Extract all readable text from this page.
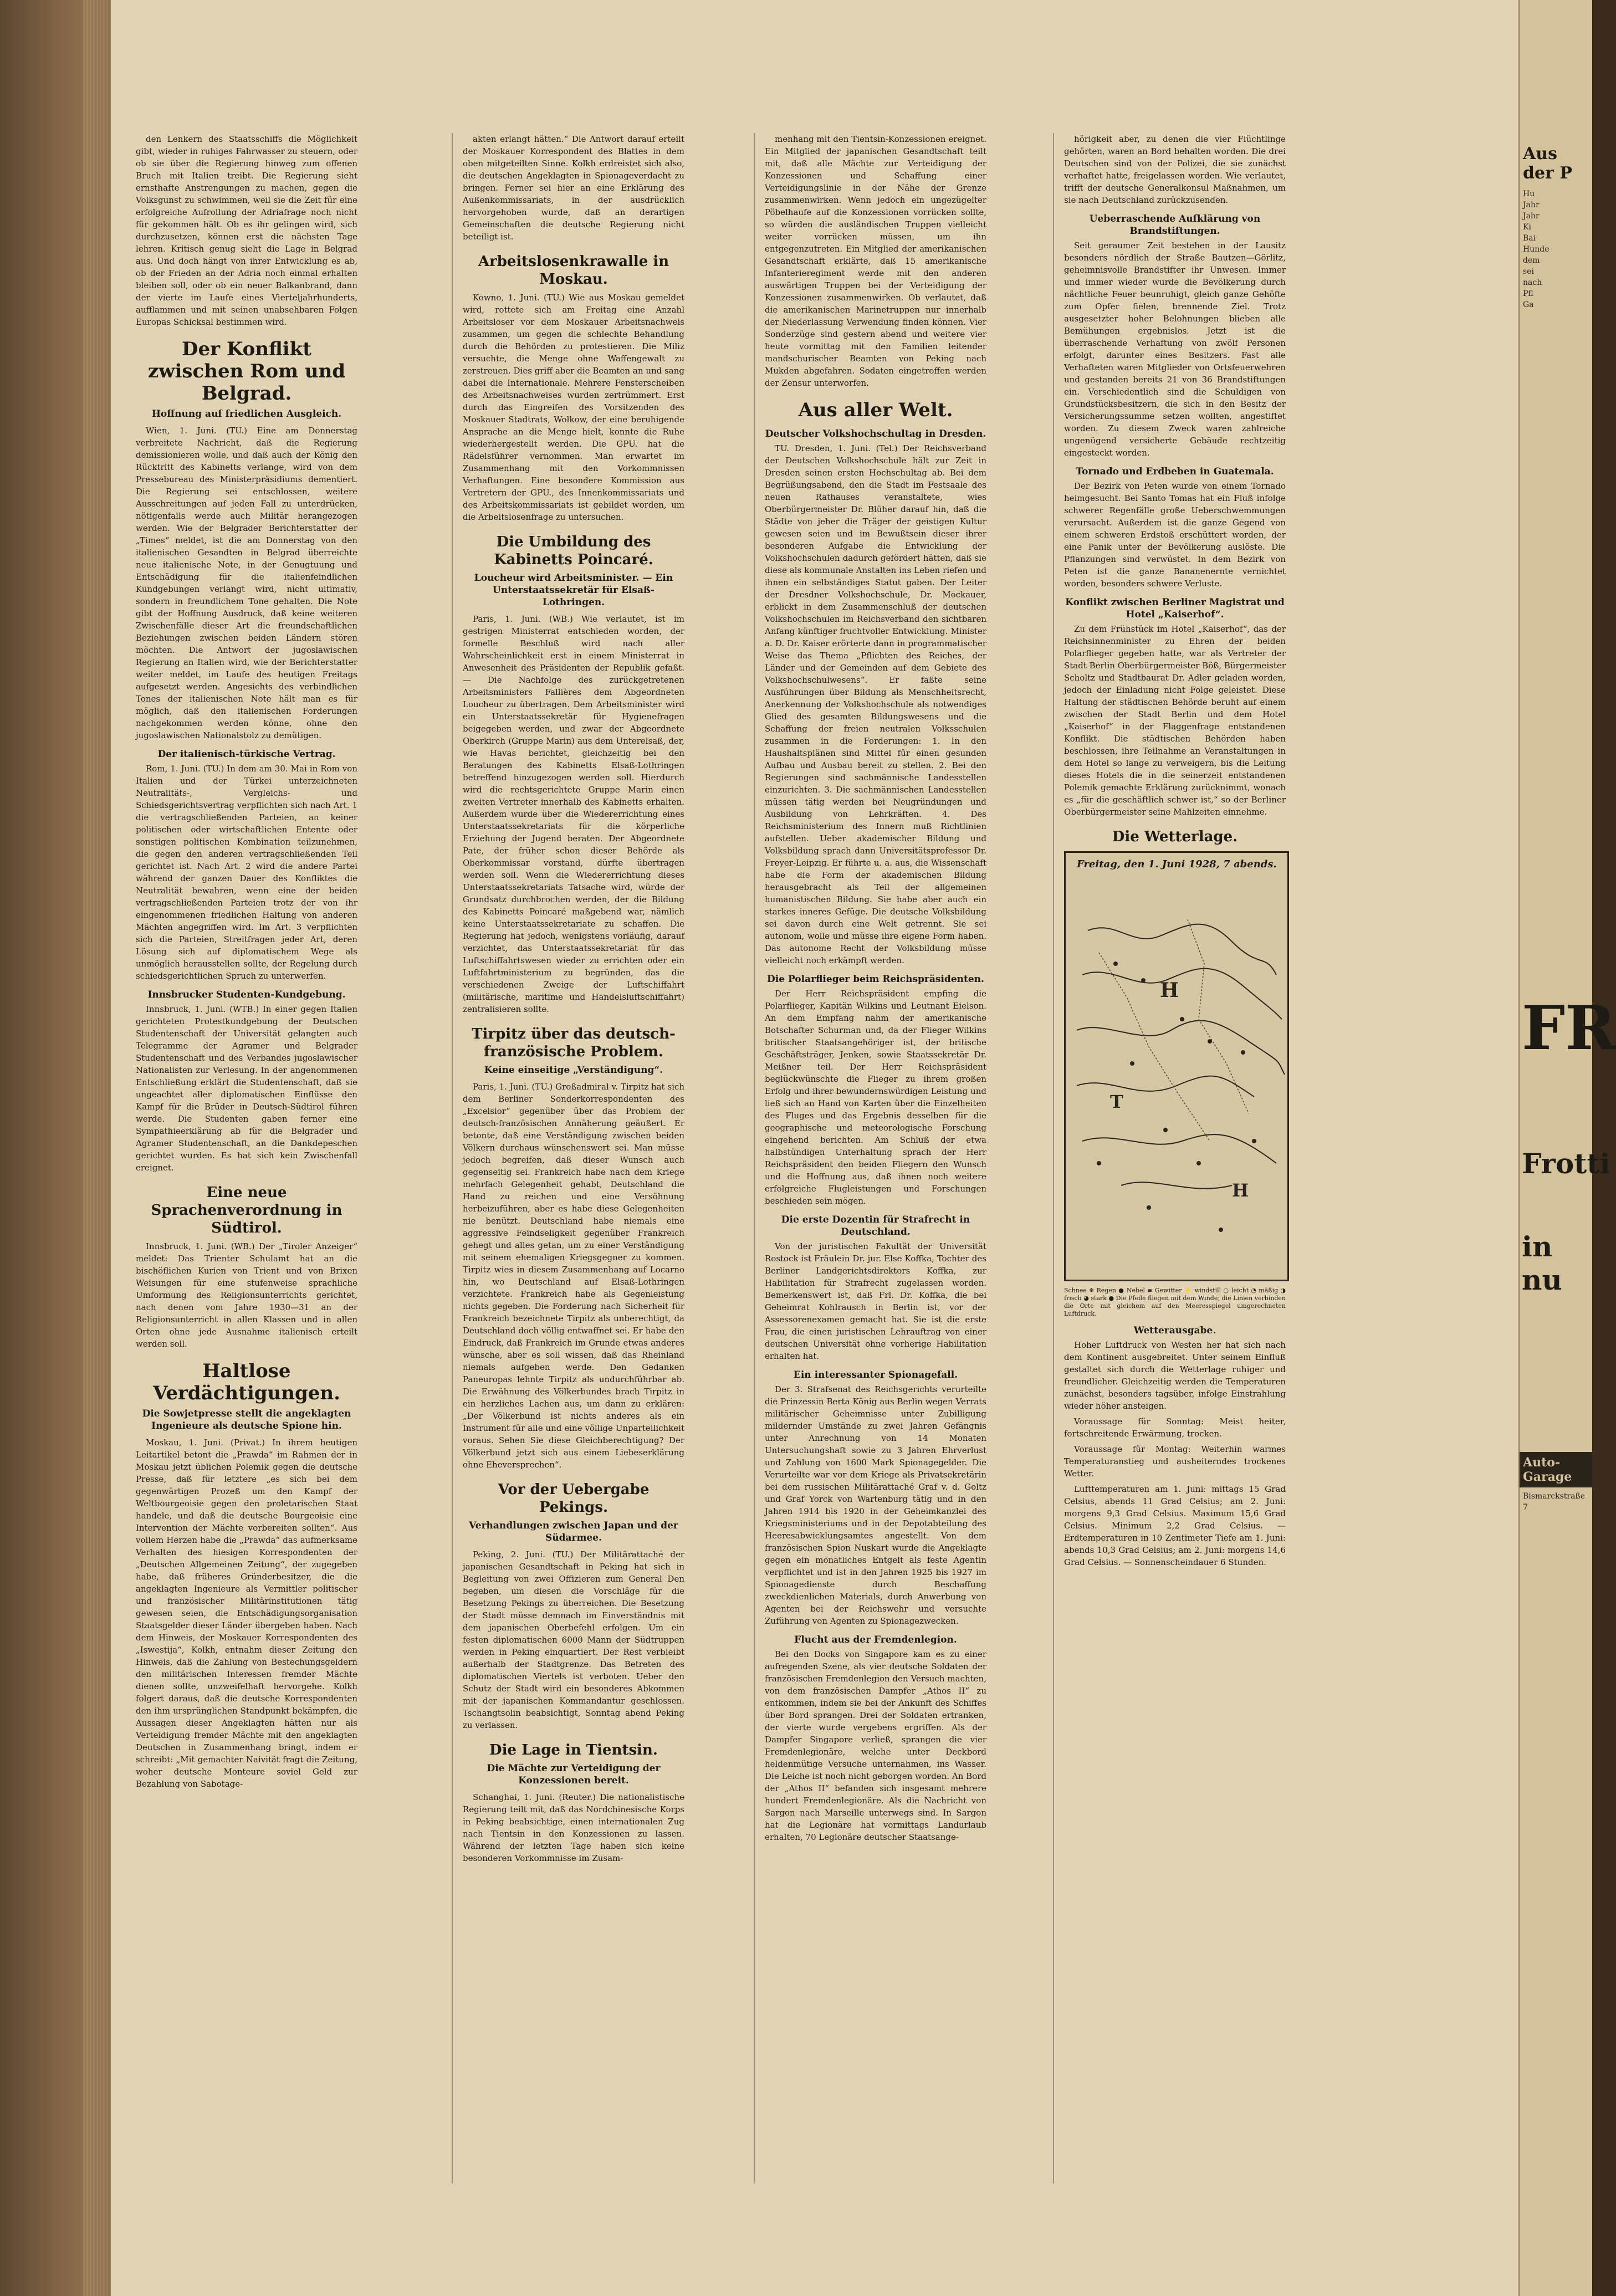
den Lenkern des Staatsschiffs die Möglichkeit gibt, wieder in ruhiges Fahrwasser zu steuern, oder ob sie über die Regierung hinweg zum offenen Bruch mit Italien treibt. Die Regierung sieht ernsthafte Anstrengungen zu machen, gegen die Volksgunst zu schwimmen, weil sie die Zeit für eine erfolgreiche Aufrollung der Adriafrage noch nicht für gekommen hält. Ob es ihr gelingen wird, sich durchzusetzen, können erst die nächsten Tage lehren. Kritisch genug sieht die Lage in Belgrad aus. Und doch hängt von ihrer Entwicklung es ab, ob der Frieden an der Adria noch einmal erhalten bleiben soll, oder ob ein neuer Balkanbrand, dann der vierte im Laufe eines Vierteljahrhunderts, aufflammen und mit seinen unabsehbaren Folgen Europas Schicksal bestimmen wird.

Der Konflikt zwischen Rom und Belgrad.
Hoffnung auf friedlichen Ausgleich.

Wien, 1. Juni. (TU.) Eine am Donnerstag verbreitete Nachricht, daß die Regierung demissionieren wolle, und daß auch der König den Rücktritt des Kabinetts verlange, wird von dem Pressebureau des Ministerpräsidiums dementiert. Die Regierung sei entschlossen, weitere Ausschreitungen auf jeden Fall zu unterdrücken, nötigenfalls werde auch Militär herangezogen werden. Wie der Belgrader Berichterstatter der „Times“ meldet, ist die am Donnerstag von den italienischen Gesandten in Belgrad überreichte neue italienische Note, in der Genugtuung und Entschädigung für die italienfeindlichen Kundgebungen verlangt wird, nicht ultimativ, sondern in freundlichem Tone gehalten. Die Note gibt der Hoffnung Ausdruck, daß keine weiteren Zwischenfälle dieser Art die freundschaftlichen Beziehungen zwischen beiden Ländern stören möchten. Die Antwort der jugoslawischen Regierung an Italien wird, wie der Berichterstatter weiter meldet, im Laufe des heutigen Freitags aufgesetzt werden. Angesichts des verbindlichen Tones der italienischen Note hält man es für möglich, daß den italienischen Forderungen nachgekommen werden könne, ohne den jugoslawischen Nationalstolz zu demütigen.

Der italienisch-türkische Vertrag.

Rom, 1. Juni. (TU.) In dem am 30. Mai in Rom von Italien und der Türkei unterzeichneten Neutralitäts-, Vergleichs- und Schiedsgerichtsvertrag verpflichten sich nach Art. 1 die vertragschließenden Parteien, an keiner politischen oder wirtschaftlichen Entente oder sonstigen politischen Kombination teilzunehmen, die gegen den anderen vertragschließenden Teil gerichtet ist. Nach Art. 2 wird die andere Partei während der ganzen Dauer des Konfliktes die Neutralität bewahren, wenn eine der beiden vertragschließenden Parteien trotz der von ihr eingenommenen friedlichen Haltung von anderen Mächten angegriffen wird. Im Art. 3 verpflichten sich die Parteien, Streitfragen jeder Art, deren Lösung sich auf diplomatischem Wege als unmöglich herausstellen sollte, der Regelung durch schiedsgerichtlichen Spruch zu unterwerfen.

Innsbrucker Studenten-Kundgebung.

Innsbruck, 1. Juni. (WTB.) In einer gegen Italien gerichteten Protestkundgebung der Deutschen Studentenschaft der Universität gelangten auch Telegramme der Agramer und Belgrader Studentenschaft und des Verbandes jugoslawischer Nationalisten zur Verlesung. In der angenommenen Entschließung erklärt die Studentenschaft, daß sie ungeachtet aller diplomatischen Einflüsse den Kampf für die Brüder in Deutsch-Südtirol führen werde. Die Studenten gaben ferner eine Sympathieerklärung ab für die Belgrader und Agramer Studentenschaft, an die Dankdepeschen gerichtet wurden. Es hat sich kein Zwischenfall ereignet.

Eine neue Sprachenverordnung in Südtirol.

Innsbruck, 1. Juni. (WB.) Der „Tiroler Anzeiger“ meldet: Das Trienter Schulamt hat an die bischöflichen Kurien von Trient und von Brixen Weisungen für eine stufenweise sprachliche Umformung des Religionsunterrichts gerichtet, nach denen vom Jahre 1930—31 an der Religionsunterricht in allen Klassen und in allen Orten ohne jede Ausnahme italienisch erteilt werden soll.

Haltlose Verdächtigungen.
Die Sowjetpresse stellt die angeklagten Ingenieure als deutsche Spione hin.

Moskau, 1. Juni. (Privat.) In ihrem heutigen Leitartikel betont die „Prawda“ im Rahmen der in Moskau jetzt üblichen Polemik gegen die deutsche Presse, daß für letztere „es sich bei dem gegenwärtigen Prozeß um den Kampf der Weltbourgeoisie gegen den proletarischen Staat handele, und daß die deutsche Bourgeoisie eine Intervention der Mächte vorbereiten sollten“. Aus vollem Herzen habe die „Prawda“ das aufmerksame Verhalten des hiesigen Korrespondenten der „Deutschen Allgemeinen Zeitung“, der zugegeben habe, daß früheres Gründerbesitzer, die die angeklagten Ingenieure als Vermittler politischer und französischer Militärinstitutionen tätig gewesen seien, die Entschädigungsorganisation Staatsgelder dieser Länder übergeben haben. Nach dem Hinweis, der Moskauer Korrespondenten des „Iswestija“, Kolkh, entnahm dieser Zeitung den Hinweis, daß die Zahlung von Bestechungsgeldern den militärischen Interessen fremder Mächte dienen sollte, unzweifelhaft hervorgehe. Kolkh folgert daraus, daß die deutsche Korrespondenten den ihm ursprünglichen Standpunkt bekämpfen, die Aussagen dieser Angeklagten hätten nur als Verteidigung fremder Mächte mit den angeklagten Deutschen in Zusammenhang bringt, indem er schreibt: „Mit gemachter Naivität fragt die Zeitung, woher deutsche Monteure soviel Geld zur Bezahlung von Sabotage-

akten erlangt hätten.“ Die Antwort darauf erteilt der Moskauer Korrespondent des Blattes in dem oben mitgeteilten Sinne. Kolkh erdreistet sich also, die deutschen Angeklagten in Spionageverdacht zu bringen. Ferner sei hier an eine Erklärung des Außenkommissariats, in der ausdrücklich hervorgehoben wurde, daß an derartigen Gemeinschaften die deutsche Regierung nicht beteiligt ist.

Arbeitslosenkrawalle in Moskau.

Kowno, 1. Juni. (TU.) Wie aus Moskau gemeldet wird, rottete sich am Freitag eine Anzahl Arbeitsloser vor dem Moskauer Arbeitsnachweis zusammen, um gegen die schlechte Behandlung durch die Behörden zu protestieren. Die Miliz versuchte, die Menge ohne Waffengewalt zu zerstreuen. Dies griff aber die Beamten an und sang dabei die Internationale. Mehrere Fensterscheiben des Arbeitsnachweises wurden zertrümmert. Erst durch das Eingreifen des Vorsitzenden des Moskauer Stadtrats, Wolkow, der eine beruhigende Ansprache an die Menge hielt, konnte die Ruhe wiederhergestellt werden. Die GPU. hat die Rädelsführer vernommen. Man erwartet im Zusammenhang mit den Vorkommnissen Verhaftungen. Eine besondere Kommission aus Vertretern der GPU., des Innenkommissariats und des Arbeitskommissariats ist gebildet worden, um die Arbeitslosenfrage zu untersuchen.

Die Umbildung des Kabinetts Poincaré.
Loucheur wird Arbeitsminister. — Ein Unterstaatssekretär für Elsaß-Lothringen.

Paris, 1. Juni. (WB.) Wie verlautet, ist im gestrigen Ministerrat entschieden worden, der formelle Beschluß wird nach aller Wahrscheinlichkeit erst in einem Ministerrat in Anwesenheit des Präsidenten der Republik gefaßt. — Die Nachfolge des zurückgetretenen Arbeitsministers Fallières dem Abgeordneten Loucheur zu übertragen. Dem Arbeitsminister wird ein Unterstaatssekretär für Hygienefragen beigegeben werden, und zwar der Abgeordnete Oberkirch (Gruppe Marin) aus dem Unterelsaß, der, wie Havas berichtet, gleichzeitig bei den Beratungen des Kabinetts Elsaß-Lothringen betreffend hinzugezogen werden soll. Hierdurch wird die rechtsgerichtete Gruppe Marin einen zweiten Vertreter innerhalb des Kabinetts erhalten. Außerdem wurde über die Wiedererrichtung eines Unterstaatssekretariats für die körperliche Erziehung der Jugend beraten. Der Abgeordnete Pate, der früher schon dieser Behörde als Oberkommissar vorstand, dürfte übertragen werden soll. Wenn die Wiedererrichtung dieses Unterstaatssekretariats Tatsache wird, würde der Grundsatz durchbrochen werden, der die Bildung des Kabinetts Poincaré maßgebend war, nämlich keine Unterstaatssekretariate zu schaffen. Die Regierung hat jedoch, wenigstens vorläufig, darauf verzichtet, das Unterstaatssekretariat für das Luftschiffahrtswesen wieder zu errichten oder ein Luftfahrtministerium zu begründen, das die verschiedenen Zweige der Luftschiffahrt (militärische, maritime und Handelsluftschiffahrt) zentralisieren sollte.

Tirpitz über das deutsch-französische Problem.
Keine einseitige „Verständigung“.

Paris, 1. Juni. (TU.) Großadmiral v. Tirpitz hat sich dem Berliner Sonderkorrespondenten des „Excelsior“ gegenüber über das Problem der deutsch-französischen Annäherung geäußert. Er betonte, daß eine Verständigung zwischen beiden Völkern durchaus wünschenswert sei. Man müsse jedoch begreifen, daß dieser Wunsch auch gegenseitig sei. Frankreich habe nach dem Kriege mehrfach Gelegenheit gehabt, Deutschland die Hand zu reichen und eine Versöhnung herbeizuführen, aber es habe diese Gelegenheiten nie benützt. Deutschland habe niemals eine aggressive Feindseligkeit gegenüber Frankreich gehegt und alles getan, um zu einer Verständigung mit seinem ehemaligen Kriegsgegner zu kommen. Tirpitz wies in diesem Zusammenhang auf Locarno hin, wo Deutschland auf Elsaß-Lothringen verzichtete. Frankreich habe als Gegenleistung nichts gegeben. Die Forderung nach Sicherheit für Frankreich bezeichnete Tirpitz als unberechtigt, da Deutschland doch völlig entwaffnet sei. Er habe den Eindruck, daß Frankreich im Grunde etwas anderes wünsche, aber es soll wissen, daß das Rheinland niemals aufgeben werde. Den Gedanken Paneuropas lehnte Tirpitz als undurchführbar ab. Die Erwähnung des Völkerbundes brach Tirpitz in ein herzliches Lachen aus, um dann zu erklären: „Der Völkerbund ist nichts anderes als ein Instrument für alle und eine völlige Unparteilichkeit voraus. Sehen Sie diese Gleichberechtigung? Der Völkerbund jetzt sich aus einem Liebeserklärung ohne Eheversprechen“.

Vor der Uebergabe Pekings.
Verhandlungen zwischen Japan und der Südarmee.

Peking, 2. Juni. (TU.) Der Militärattaché der japanischen Gesandtschaft in Peking hat sich in Begleitung von zwei Offizieren zum General Den begeben, um diesen die Vorschläge für die Besetzung Pekings zu überreichen. Die Besetzung der Stadt müsse demnach im Einverständnis mit dem japanischen Oberbefehl erfolgen. Um ein festen diplomatischen 6000 Mann der Südtruppen werden in Peking einquartiert. Der Rest verbleibt außerhalb der Stadtgrenze. Das Betreten des diplomatischen Viertels ist verboten. Ueber den Schutz der Stadt wird ein besonderes Abkommen mit der japanischen Kommandantur geschlossen. Tschangtsolin beabsichtigt, Sonntag abend Peking zu verlassen.

Die Lage in Tientsin.
Die Mächte zur Verteidigung der Konzessionen bereit.

Schanghai, 1. Juni. (Reuter.) Die nationalistische Regierung teilt mit, daß das Nordchinesische Korps in Peking beabsichtige, einen internationalen Zug nach Tientsin in den Konzessionen zu lassen. Während der letzten Tage haben sich keine besonderen Vorkommnisse im Zusam-

menhang mit den Tientsin-Konzessionen ereignet. Ein Mitglied der japanischen Gesandtschaft teilt mit, daß alle Mächte zur Verteidigung der Konzessionen und Schaffung einer Verteidigungslinie in der Nähe der Grenze zusammenwirken. Wenn jedoch ein ungezügelter Pöbelhaufe auf die Konzessionen vorrücken sollte, so würden die ausländischen Truppen vielleicht weiter vorrücken müssen, um ihn entgegenzutreten. Ein Mitglied der amerikanischen Gesandtschaft erklärte, daß 15 amerikanische Infanterieregiment werde mit den anderen auswärtigen Truppen bei der Verteidigung der Konzessionen zusammenwirken. Ob verlautet, daß die amerikanischen Marinetruppen nur innerhalb der Niederlassung Verwendung finden können. Vier Sonderzüge sind gestern abend und weitere vier heute vormittag mit den Familien leitender mandschurischer Beamten von Peking nach Mukden abgefahren. Sodaten eingetroffen werden der Zensur unterworfen.

Aus aller Welt.
Deutscher Volkshochschultag in Dresden.

TU. Dresden, 1. Juni. (Tel.) Der Reichsverband der Deutschen Volkshochschule hält zur Zeit in Dresden seinen ersten Hochschultag ab. Bei dem Begrüßungsabend, den die Stadt im Festsaale des neuen Rathauses veranstaltete, wies Oberbürgermeister Dr. Blüher darauf hin, daß die Städte von jeher die Träger der geistigen Kultur gewesen seien und im Bewußtsein dieser ihrer besonderen Aufgabe die Entwicklung der Volkshochschulen dadurch gefördert hätten, daß sie diese als kommunale Anstalten ins Leben riefen und ihnen ein selbständiges Statut gaben. Der Leiter der Dresdner Volkshochschule, Dr. Mockauer, erblickt in dem Zusammenschluß der deutschen Volkshochschulen im Reichsverband den sichtbaren Anfang künftiger fruchtvoller Entwicklung. Minister a. D. Dr. Kaiser erörterte dann in programmatischer Weise das Thema „Pflichten des Reiches, der Länder und der Gemeinden auf dem Gebiete des Volkshochschulwesens“. Er faßte seine Ausführungen über Bildung als Menschheitsrecht, Anerkennung der Volkshochschule als notwendiges Glied des gesamten Bildungswesens und die Schaffung der freien neutralen Volksschulen zusammen in die Forderungen: 1. In den Haushaltsplänen sind Mittel für einen gesunden Aufbau und Ausbau bereit zu stellen. 2. Bei den Regierungen sind sachmännische Landesstellen einzurichten. 3. Die sachmännischen Landesstellen müssen tätig werden bei Neugründungen und Ausbildung von Lehrkräften. 4. Des Reichsministerium des Innern muß Richtlinien aufstellen. Ueber akademischer Bildung und Volksbildung sprach dann Universitätsprofessor Dr. Freyer-Leipzig. Er führte u. a. aus, die Wissenschaft habe die Form der akademischen Bildung herausgebracht als Teil der allgemeinen humanistischen Bildung. Sie habe aber auch ein starkes inneres Gefüge. Die deutsche Volksbildung sei davon durch eine Welt getrennt. Sie sei autonom, wolle und müsse ihre eigene Form haben. Das autonome Recht der Volksbildung müsse vielleicht noch erkämpft werden.

Die Polarflieger beim Reichspräsidenten.

Der Herr Reichspräsident empfing die Polarflieger, Kapitän Wilkins und Leutnant Eielson. An dem Empfang nahm der amerikanische Botschafter Schurman und, da der Flieger Wilkins britischer Staatsangehöriger ist, der britische Geschäftsträger, Jenken, sowie Staatssekretär Dr. Meißner teil. Der Herr Reichspräsident beglückwünschte die Flieger zu ihrem großen Erfolg und ihrer bewundernswürdigen Leistung und ließ sich an Hand von Karten über die Einzelheiten des Fluges und das Ergebnis desselben für die geographische und meteorologische Forschung eingehend berichten. Am Schluß der etwa halbstündigen Unterhaltung sprach der Herr Reichspräsident den beiden Fliegern den Wunsch und die Hoffnung aus, daß ihnen noch weitere erfolgreiche Flugleistungen und Forschungen beschieden sein mögen.

Die erste Dozentin für Strafrecht in Deutschland.

Von der juristischen Fakultät der Universität Rostock ist Fräulein Dr. jur. Else Koffka, Tochter des Berliner Landgerichtsdirektors Koffka, zur Habilitation für Strafrecht zugelassen worden. Bemerkenswert ist, daß Frl. Dr. Koffka, die bei Geheimrat Kohlrausch in Berlin ist, vor der Assessorenexamen gemacht hat. Sie ist die erste Frau, die einen juristischen Lehrauftrag von einer deutschen Universität ohne vorherige Habilitation erhalten hat.

Ein interessanter Spionagefall.

Der 3. Strafsenat des Reichsgerichts verurteilte die Prinzessin Berta König aus Berlin wegen Verrats militärischer Geheimnisse unter Zubilligung mildernder Umstände zu zwei Jahren Gefängnis unter Anrechnung von 14 Monaten Untersuchungshaft sowie zu 3 Jahren Ehrverlust und Zahlung von 1600 Mark Spionagegelder. Die Verurteilte war vor dem Kriege als Privatsekretärin bei dem russischen Militärattaché Graf v. d. Goltz und Graf Yorck von Wartenburg tätig und in den Jahren 1914 bis 1920 in der Geheimkanzlei des Kriegsministeriums und in der Depotabteilung des Heeresabwicklungsamtes angestellt. Von dem französischen Spion Nuskart wurde die Angeklagte gegen ein monatliches Entgelt als feste Agentin verpflichtet und ist in den Jahren 1925 bis 1927 im Spionagedienste durch Beschaffung zweckdienlichen Materials, durch Anwerbung von Agenten bei der Reichswehr und versuchte Zuführung von Agenten zu Spionagezwecken.

Flucht aus der Fremdenlegion.

Bei den Docks von Singapore kam es zu einer aufregenden Szene, als vier deutsche Soldaten der französischen Fremdenlegion den Versuch machten, von dem französischen Dampfer „Athos II“ zu entkommen, indem sie bei der Ankunft des Schiffes über Bord sprangen. Drei der Soldaten ertranken, der vierte wurde vergebens ergriffen. Als der Dampfer Singapore verließ, sprangen die vier Fremdenlegionäre, welche unter Deckbord heldenmütige Versuche unternahmen, ins Wasser. Die Leiche ist noch nicht geborgen worden. An Bord der „Athos II“ befanden sich insgesamt mehrere hundert Fremdenlegionäre. Als die Nachricht von Sargon nach Marseille unterwegs sind. In Sargon hat die Legionäre hat vormittags Landurlaub erhalten, 70 Legionäre deutscher Staatsange-

hörigkeit aber, zu denen die vier Flüchtlinge gehörten, waren an Bord behalten worden. Die drei Deutschen sind von der Polizei, die sie zunächst verhaftet hatte, freigelassen worden. Wie verlautet, trifft der deutsche Generalkonsul Maßnahmen, um sie nach Deutschland zurückzusenden.

Ueberraschende Aufklärung von Brandstiftungen.

Seit geraumer Zeit bestehen in der Lausitz besonders nördlich der Straße Bautzen—Görlitz, geheimnisvolle Brandstifter ihr Unwesen. Immer und immer wieder wurde die Bevölkerung durch nächtliche Feuer beunruhigt, gleich ganze Gehöfte zum Opfer fielen, brennende Ziel. Trotz ausgesetzter hoher Belohnungen blieben alle Bemühungen ergebnislos. Jetzt ist die überraschende Verhaftung von zwölf Personen erfolgt, darunter eines Besitzers. Fast alle Verhafteten waren Mitglieder von Ortsfeuerwehren und gestanden bereits 21 von 36 Brandstiftungen ein. Verschiedentlich sind die Schuldigen von Grundstücksbesitzern, die sich in den Besitz der Versicherungssumme setzen wollten, angestiftet worden. Zu diesem Zweck waren zahlreiche ungenügend versicherte Gebäude rechtzeitig eingesteckt worden.

Tornado und Erdbeben in Guatemala.

Der Bezirk von Peten wurde von einem Tornado heimgesucht. Bei Santo Tomas hat ein Fluß infolge schwerer Regenfälle große Ueberschwemmungen verursacht. Außerdem ist die ganze Gegend von einem schweren Erdstoß erschüttert worden, der eine Panik unter der Bevölkerung auslöste. Die Pflanzungen sind verwüstet. In dem Bezirk von Peten ist die ganze Bananenernte vernichtet worden, besonders schwere Verluste.

Konflikt zwischen Berliner Magistrat und Hotel „Kaiserhof“.

Zu dem Frühstück im Hotel „Kaiserhof“, das der Reichsinnenminister zu Ehren der beiden Polarflieger gegeben hatte, war als Vertreter der Stadt Berlin Oberbürgermeister Böß, Bürgermeister Scholtz und Stadtbaurat Dr. Adler geladen worden, jedoch der Einladung nicht Folge geleistet. Diese Haltung der städtischen Behörde beruht auf einem zwischen der Stadt Berlin und dem Hotel „Kaiserhof“ in der Flaggenfrage entstandenen Konflikt. Die städtischen Behörden haben beschlossen, ihre Teilnahme an Veranstaltungen in dem Hotel so lange zu verweigern, bis die Leitung dieses Hotels die in die seinerzeit entstandenen Polemik gemachte Erklärung zurücknimmt, wonach es „für die geschäftlich schwer ist,“ so der Berliner Oberbürgermeister seine Mahlzeiten einnehme.

Die Wetterlage.
Freitag, den 1. Juni 1928, 7 abends.
H
T
H
Schnee ❄ Regen ● Nebel ≡ Gewitter ⚡ windstill ○ leicht ◔ mäßig ◑ frisch ◕ stark ● Die Pfeile fliegen mit dem Winde; die Linien verbinden die Orte mit gleichem auf den Meeresspiegel umgerechneten Luftdruck.
Wetterausgabe.

Hoher Luftdruck von Westen her hat sich nach dem Kontinent ausgebreitet. Unter seinem Einfluß gestaltet sich durch die Wetterlage ruhiger und freundlicher. Gleichzeitig werden die Temperaturen zunächst, besonders tagsüber, infolge Einstrahlung wieder höher ansteigen.

Voraussage für Sonntag: Meist heiter, fortschreitende Erwärmung, trocken.

Voraussage für Montag: Weiterhin warmes Temperaturanstieg und ausheiterndes trockenes Wetter.

Lufttemperaturen am 1. Juni: mittags 15 Grad Celsius, abends 11 Grad Celsius; am 2. Juni: morgens 9,3 Grad Celsius. Maximum 15,6 Grad Celsius. Minimum 2,2 Grad Celsius. — Erdtemperaturen in 10 Zentimeter Tiefe am 1. Juni: abends 10,3 Grad Celsius; am 2. Juni: morgens 14,6 Grad Celsius. — Sonnenscheindauer 6 Stunden.

Aus der P
Hu
Jahr
Jahr
Ki
Bai
Hunde
dem
sei
nach
Pfl
Ga
FR
Frotti
in nu
Auto-Garage
Bismarckstraße 7
